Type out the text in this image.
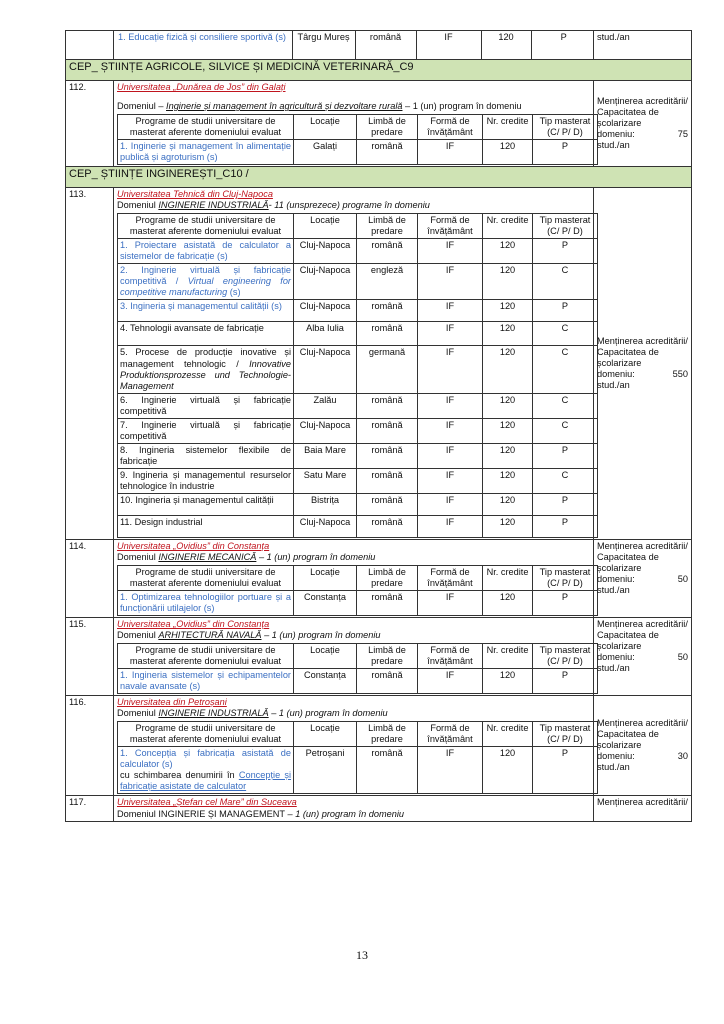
1. Educație fizică și consiliere sportivă (s)	Târgu Mureș	română	IF	120	P
		stud./an
CEP_ ȘTIINȚE AGRICOLE, SILVICE ȘI MEDICINĂ VETERINARĂ_C9
112.	Universitatea „Dunărea de Jos” din Galați
Domeniul – Inginerie și management în agricultură și dezvoltare rurală – 1 (un) program în domeniu
Programe de studii universitare de masterat aferente domeniului evaluat	Locație	Limbă de predare	Formă de învățământ	Nr. credite	Tip masterat (C/ P/ D)
1. Inginerie și management în alimentație publică și agroturism (s)	Galați	română	IF	120	P

Menținerea acreditării/
Capacitatea de școlarizare
domeniu:	75
stud./an
CEP_ ȘTIINȚE INGINEREȘTI_C10 /
113.	Universitatea Tehnică din Cluj-Napoca
Domeniul INGINERIE INDUSTRIALĂ- 11 (unsprezece) programe în domeniu
Programe de studii universitare de masterat aferente domeniului evaluat	Locație	Limbă de predare	Formă de învățământ	Nr. credite	Tip masterat (C/ P/ D)
1. Proiectare asistată de calculator a sistemelor de fabricație (s)	Cluj-Napoca	română	IF	120	P
2. Inginerie virtuală și fabricație competitivă / Virtual engineering for competitive manufacturing (s)	Cluj-Napoca	engleză	IF	120	C
3. Ingineria și managementul calității (s)	Cluj-Napoca	română	IF	120	P
4. Tehnologii avansate de fabricație	Alba Iulia	română	IF	120	C
5. Procese de producție inovative și management tehnologic / Innovative Produktionsprozesse und Technologie-Management	Cluj-Napoca	germană	IF	120	C
6. Inginerie virtuală și fabricație competitivă	Zalău	română	IF	120	C
7. Inginerie virtuală și fabricație competitivă	Cluj-Napoca	română	IF	120	C
8. Ingineria sistemelor flexibile de fabricație	Baia Mare	română	IF	120	P
9. Ingineria și managementul resurselor tehnologice în industrie	Satu Mare	română	IF	120	C
10. Ingineria și managementul calității	Bistrița	română	IF	120	P
11. Design industrial	Cluj-Napoca	română	IF	120	P

Menținerea acreditării/
Capacitatea de școlarizare
domeniu:	550
stud./an
114.	Universitatea „Ovidius” din Constanța
Domeniul INGINERIE MECANICĂ – 1 (un) program în domeniu
Programe de studii universitare de masterat aferente domeniului evaluat	Locație	Limbă de predare	Formă de învățământ	Nr. credite	Tip masterat (C/ P/ D)
1. Optimizarea tehnologiilor portuare și a funcționării utilajelor (s)	Constanța	română	IF	120	P

Menținerea acreditării/
Capacitatea de școlarizare
domeniu:	50
stud./an
115.	Universitatea „Ovidius” din Constanța
Domeniul ARHITECTURĂ NAVALĂ – 1 (un) program în domeniu
Programe de studii universitare de masterat aferente domeniului evaluat	Locație	Limbă de predare	Formă de învățământ	Nr. credite	Tip masterat (C/ P/ D)
1. Ingineria sistemelor și echipamentelor navale avansate (s)	Constanța	română	IF	120	P

Menținerea acreditării/
Capacitatea de școlarizare
domeniu:	50
stud./an
116.	Universitatea din Petroșani
Domeniul INGINERIE INDUSTRIALĂ – 1 (un) program în domeniu
Programe de studii universitare de masterat aferente domeniului evaluat	Locație	Limbă de predare	Formă de învățământ	Nr. credite	Tip masterat (C/ P/ D)

1. Concepția și fabricația asistată de calculator (s)
cu schimbarea denumirii în Concepție și fabricație asistate de calculator
	Petroșani	română	IF	120	P

Menținerea acreditării/
Capacitatea de școlarizare
domeniu:	30
stud./an
117.	Universitatea „Ștefan cel Mare” din Suceava
Domeniul INGINERIE ȘI MANAGEMENT – 1 (un) program în domeniu

Menținerea acreditării/
13
